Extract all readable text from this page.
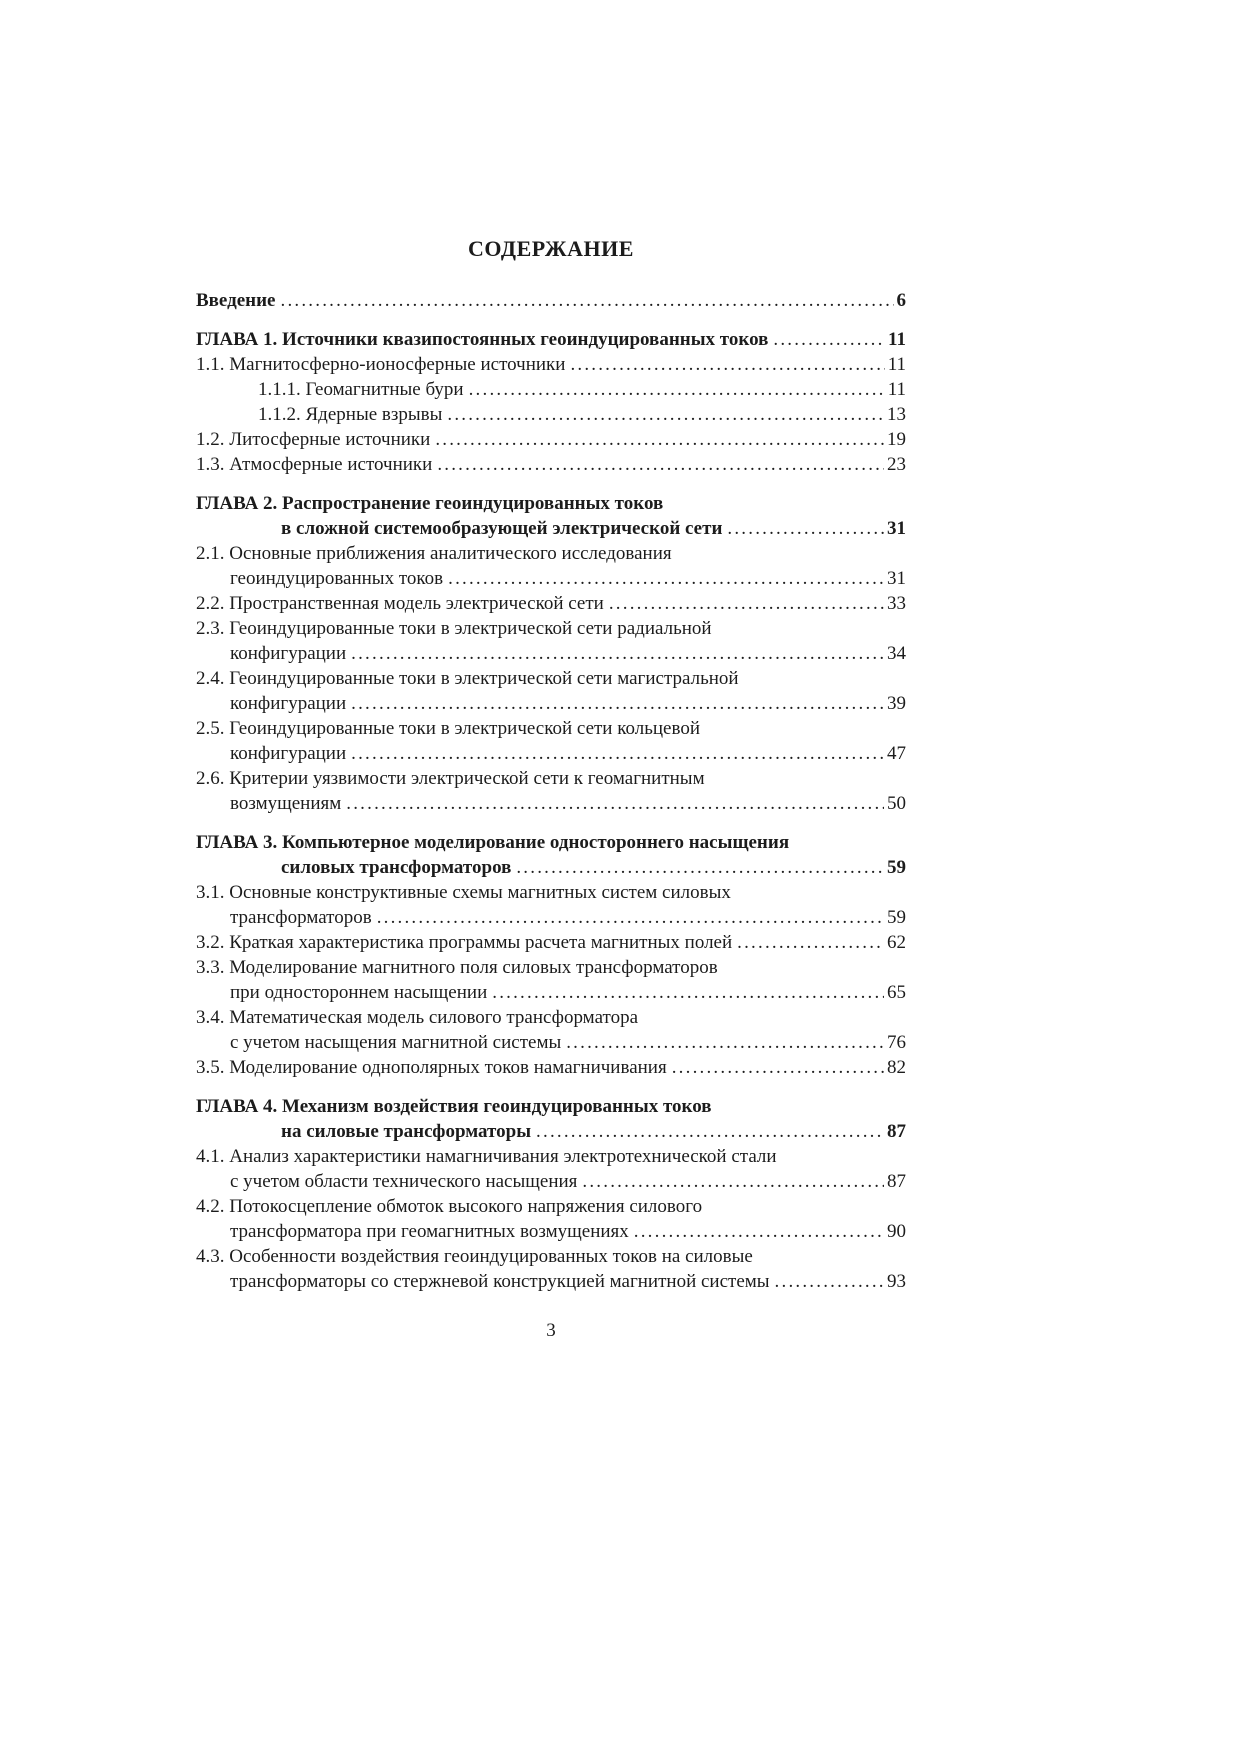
СОДЕРЖАНИЕ
Введение .....	6
ГЛАВА 1. Источники квазипостоянных геоиндуцированных токов .....	11
1.1. Магнитосферно-ионосферные источники .....	11
1.1.1. Геомагнитные бури .....	11
1.1.2. Ядерные взрывы .....	13
1.2. Литосферные источники .....	19
1.3. Атмосферные источники .....	23
ГЛАВА 2. Распространение геоиндуцированных токов
в сложной системообразующей электрической сети .....	31
2.1. Основные приближения аналитического исследования
геоиндуцированных токов .....	31
2.2. Пространственная модель электрической сети .....	33
2.3. Геоиндуцированные токи в электрической сети радиальной
конфигурации .....	34
2.4. Геоиндуцированные токи в электрической сети магистральной
конфигурации .....	39
2.5. Геоиндуцированные токи в электрической сети кольцевой
конфигурации .....	47
2.6. Критерии уязвимости электрической сети к геомагнитным
возмущениям .....	50
ГЛАВА 3. Компьютерное моделирование одностороннего насыщения
силовых трансформаторов .....	59
3.1. Основные конструктивные схемы магнитных систем силовых
трансформаторов .....	59
3.2. Краткая характеристика программы расчета магнитных полей .....	62
3.3. Моделирование магнитного поля силовых трансформаторов
при одностороннем насыщении .....	65
3.4. Математическая модель силового трансформатора
с учетом насыщения магнитной системы .....	76
3.5. Моделирование однополярных токов намагничивания .....	82
ГЛАВА 4. Механизм воздействия геоиндуцированных токов
на силовые трансформаторы .....	87
4.1. Анализ характеристики намагничивания электротехнической стали
с учетом области технического насыщения .....	87
4.2. Потокосцепление обмоток высокого напряжения силового
трансформатора при геомагнитных возмущениях .....	90
4.3. Особенности воздействия геоиндуцированных токов на силовые
трансформаторы со стержневой конструкцией магнитной системы .....	93
3
